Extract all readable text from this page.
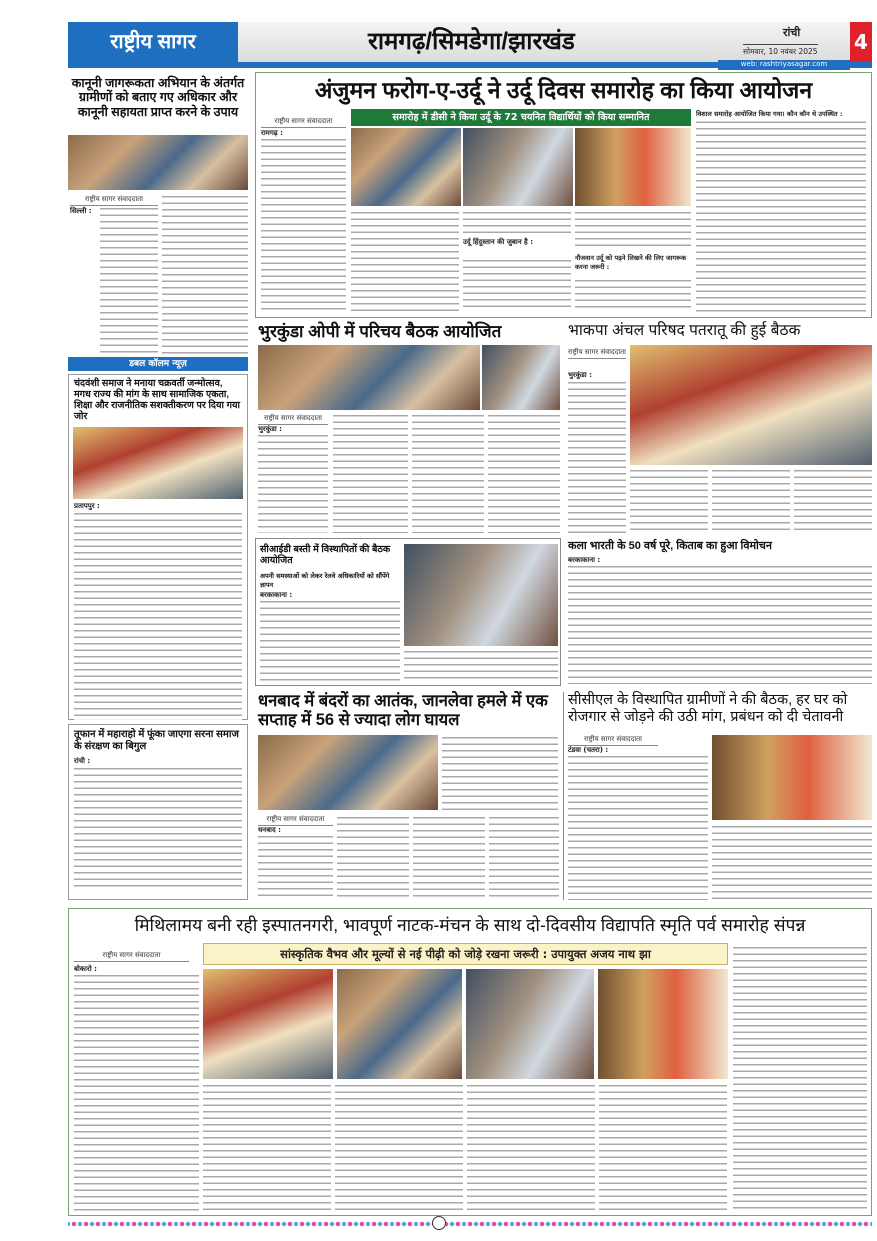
राष्ट्रीय सागर	रामगढ़/सिमडेगा/झारखंड	रांची
सोमवार, 10 नवंबर 2025 4
web: rashtriyasagar.com
कानूनी जागरूकता अभियान के अंतर्गत ग्रामीणों को बताए गए अधिकार और कानूनी सहायता प्राप्त करने के उपाय
राष्ट्रीय सागर संवाददाता
सिल्ली :
डबल कॉलम न्यूज़
चंदवंशी समाज ने मनाया चक्रवर्ती जन्मोत्सव, मगध राज्य की मांग के साथ सामाजिक एकता, शिक्षा और राजनीतिक सशक्तीकरण पर दिया गया जोर
प्रतापपुर :
तूफान में महाराहो में फूंका जाएगा सरना समाज के संरक्षण का बिगुल
रांची :
अंजुमन फरोग-ए-उर्दू ने उर्दू दिवस समारोह का किया आयोजन
राष्ट्रीय सागर संवाददाता
रामगढ़ :
समारोह में डीसी ने किया उर्दू के 72 चयनित विद्यार्थियों को किया सम्मानित
उर्दू हिंदुस्तान की जुबान है :
नौजवान उर्दू को पढ़ने लिखने की लिए जागरूक करना जरूरी :
विशाल समारोह आयोजित किया गया। कौन कौन थे उपस्थित :
भुरकुंडा ओपी में परिचय बैठक आयोजित
राष्ट्रीय सागर संवाददाता
भुरकुंडा :
भाकपा अंचल परिषद पतरातू की हुई बैठक
राष्ट्रीय सागर संवाददाता
भुरकुंडा :
सीआईडी बस्ती में विस्थापितों की बैठक आयोजित
अपनी समस्याओं को लेकर रेलवे अधिकारियों को सौंपेंगे ज्ञापन
बरकाकाना :
कला भारती के 50 वर्ष पूरे, किताब का हुआ विमोचन
बरकाकाना :
धनबाद में बंदरों का आतंक, जानलेवा हमले में एक सप्ताह में 56 से ज्यादा लोग घायल
राष्ट्रीय सागर संवाददाता
धनबाद :
सीसीएल के विस्थापित ग्रामीणों ने की बैठक, हर घर को रोजगार से जोड़ने की उठी मांग, प्रबंधन को दी चेतावनी
राष्ट्रीय सागर संवाददाता
टंडवा (चतरा) :
मिथिलामय बनी रही इस्पातनगरी, भावपूर्ण नाटक-मंचन के साथ दो-दिवसीय विद्यापति स्मृति पर्व समारोह संपन्न
राष्ट्रीय सागर संवाददाता
बोकारो :
सांस्कृतिक वैभव और मूल्यों से नई पीढ़ी को जोड़े रखना जरूरी : उपायुक्त अजय नाथ झा
